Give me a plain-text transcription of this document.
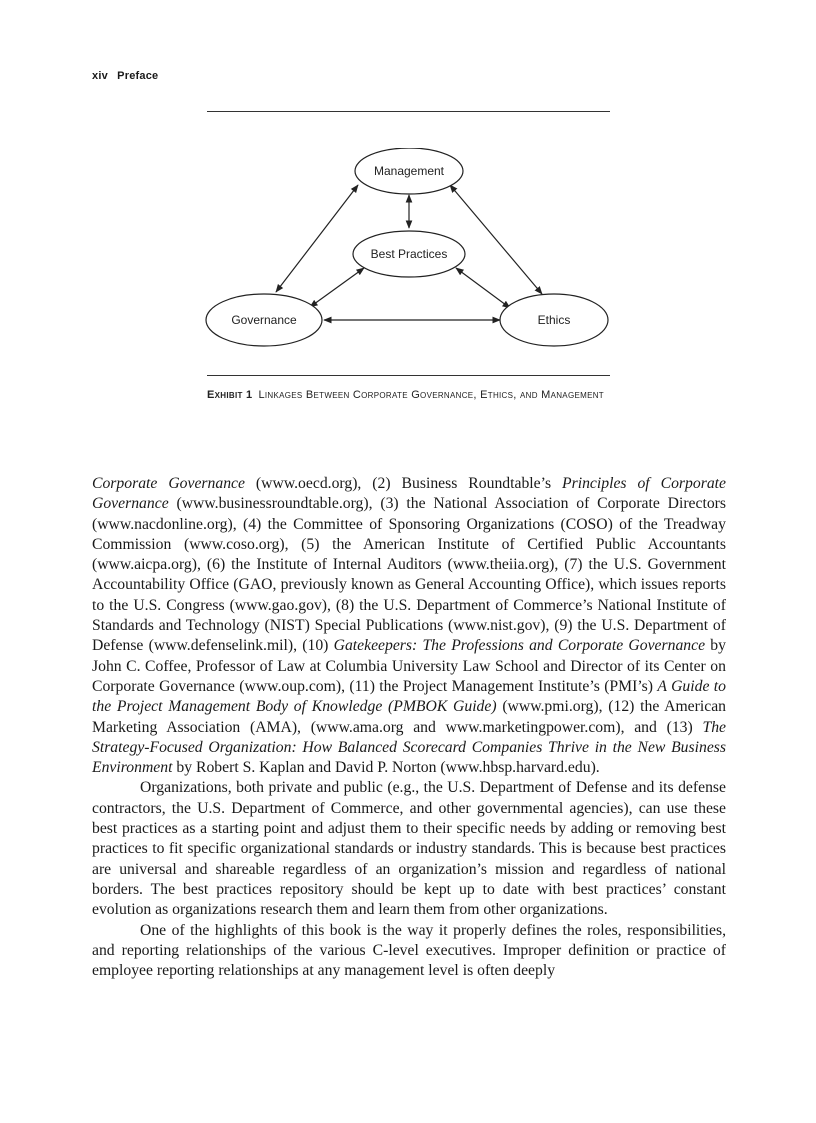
xiv Preface
Management
Best Practices
Governance	Ethics
Exhibit 1 Linkages Between Corporate Governance, Ethics, and Management

Corporate Governance (www.oecd.org), (2) Business Roundtable’s Principles of Corporate Governance (www.businessroundtable.org), (3) the National Association of Corporate Directors (www.nacdonline.org), (4) the Committee of Sponsoring Organizations (COSO) of the Treadway Commission (www.coso.org), (5) the American Institute of Certified Public Accountants (www.aicpa.org), (6) the Institute of Internal Auditors (www.theiia.org), (7) the U.S. Government Accountability Office (GAO, previously known as General Accounting Office), which issues reports to the U.S. Congress (www.gao.gov), (8) the U.S. Department of Commerce’s National Institute of Standards and Technology (NIST) Special Publications (www.nist.gov), (9) the U.S. Department of Defense (www.defenselink.mil), (10) Gatekeepers: The Professions and Corporate Governance by John C. Coffee, Professor of Law at Columbia University Law School and Director of its Center on Corporate Governance (www.oup.com), (11) the Project Management Institute’s (PMI’s) A Guide to the Project Management Body of Knowledge (PMBOK Guide) (www.pmi.org), (12) the American Marketing Association (AMA), (www.ama.org and www.marketingpower.com), and (13) The Strategy-Focused Organization: How Balanced Scorecard Companies Thrive in the New Business Environment by Robert S. Kaplan and David P. Norton (www.hbsp.harvard.edu).

Organizations, both private and public (e.g., the U.S. Department of Defense and its defense contractors, the U.S. Department of Commerce, and other governmental agencies), can use these best practices as a starting point and adjust them to their specific needs by adding or removing best practices to fit specific organizational standards or industry standards. This is because best practices are universal and shareable regardless of an organization’s mission and regardless of national borders. The best practices repository should be kept up to date with best practices’ constant evolution as organizations research them and learn them from other organizations.

One of the highlights of this book is the way it properly defines the roles, responsibilities, and reporting relationships of the various C-level executives. Improper definition or practice of employee reporting relationships at any management level is often deeply
